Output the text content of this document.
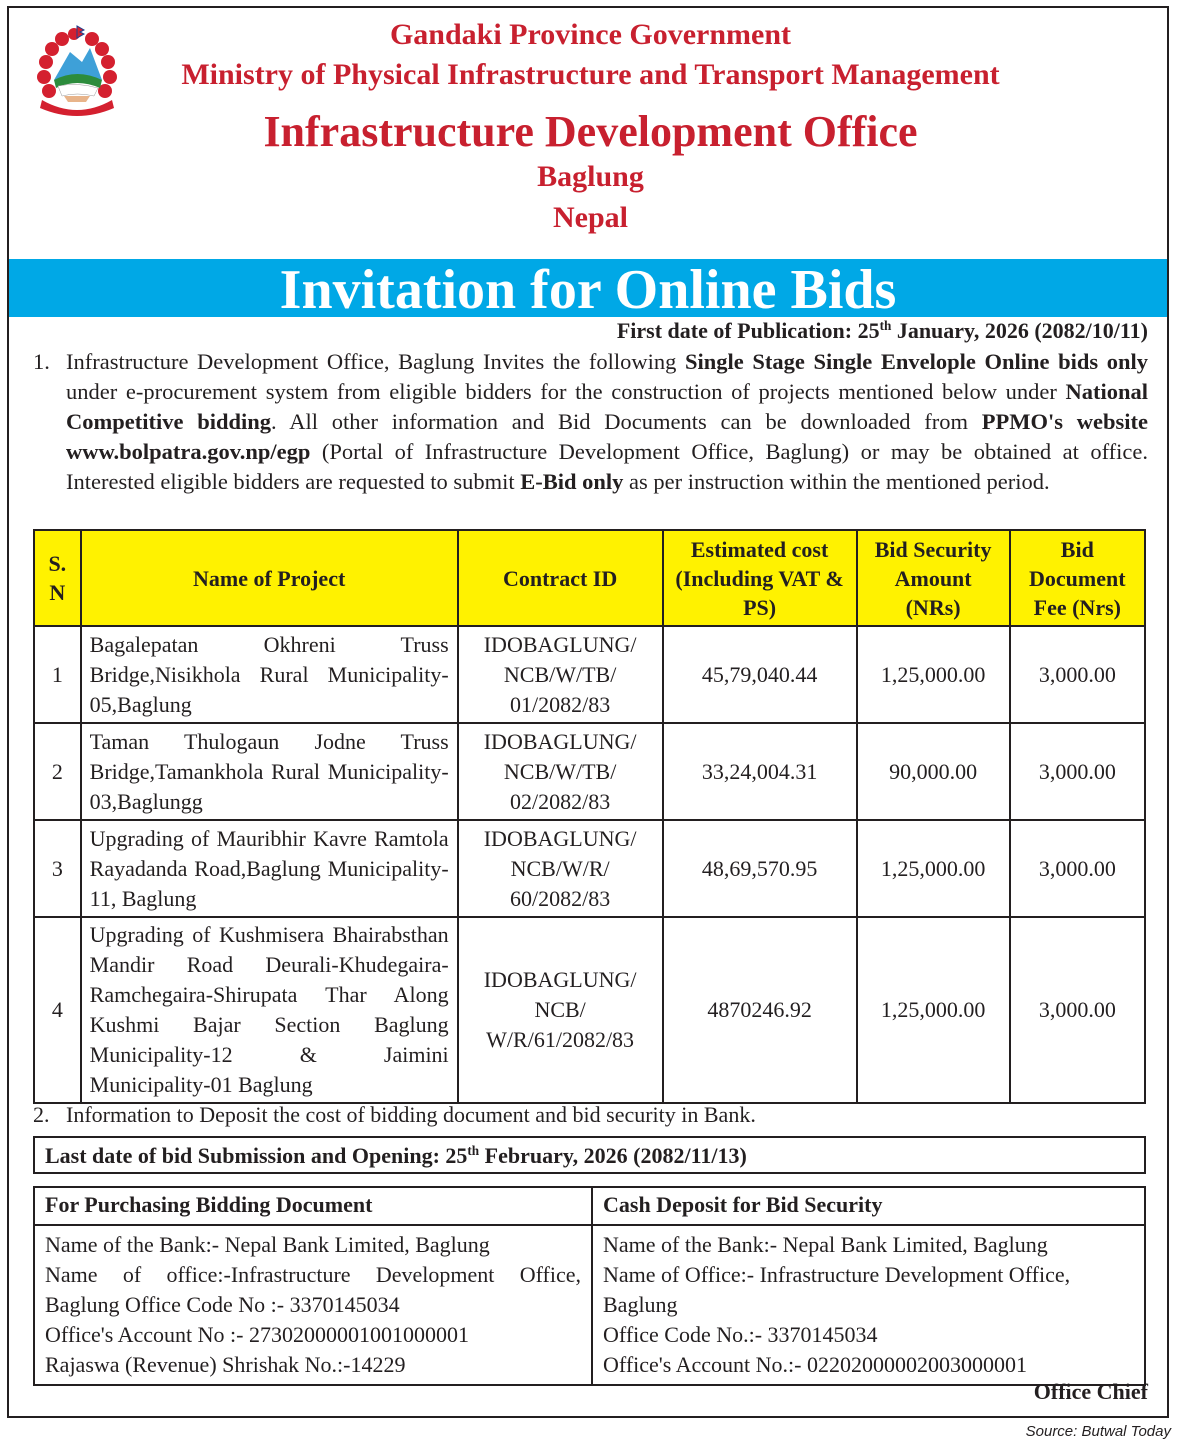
Gandaki Province Government
Ministry of Physical Infrastructure and Transport Management
Infrastructure Development Office
Baglung
Nepal
Invitation for Online Bids
First date of Publication: 25th January, 2026 (2082/10/11)
1. Infrastructure Development Office, Baglung Invites the following Single Stage Single Envelople Online bids only under e-procurement system from eligible bidders for the construction of projects mentioned below under National Competitive bidding. All other information and Bid Documents can be downloaded from PPMO's website www.bolpatra.gov.np/egp (Portal of Infrastructure Development Office, Baglung) or may be obtained at office. Interested eligible bidders are requested to submit E-Bid only as per instruction within the mentioned period.
S.
N	Name of Project	Contract ID	Estimated cost (Including VAT & PS)	Bid Security Amount (NRs)	Bid Document Fee (Nrs)
1	Bagalepatan Okhreni Truss Bridge,Nisikhola Rural Municipality- 05,Baglung	IDOBAGLUNG/ NCB/W/TB/ 01/2082/83	45,79,040.44	1,25,000.00	3,000.00
2	Taman Thulogaun Jodne Truss Bridge,Tamankhola Rural Municipality-03,Baglungg	IDOBAGLUNG/ NCB/W/TB/ 02/2082/83	33,24,004.31	90,000.00	3,000.00
3	Upgrading of Mauribhir Kavre Ramtola Rayadanda Road,Baglung Municipality-11, Baglung	IDOBAGLUNG/ NCB/W/R/ 60/2082/83	48,69,570.95	1,25,000.00	3,000.00
4	Upgrading of Kushmisera Bhairabsthan Mandir Road Deurali-Khudegaira-Ramchegaira-Shirupata Thar Along Kushmi Bajar Section Baglung Municipality-12 & Jaimini Municipality-01 Baglung	IDOBAGLUNG/ NCB/ W/R/61/2082/83	4870246.92	1,25,000.00	3,000.00
2. Information to Deposit the cost of bidding document and bid security in Bank.
Last date of bid Submission and Opening: 25th February, 2026 (2082/11/13)
For Purchasing Bidding Document	Cash Deposit for Bid Security

Name of the Bank:- Nepal Bank Limited, Baglung
Name of office:-Infrastructure Development Office, Baglung Office Code No :- 3370145034
Office's Account No :- 27302000001001000001
Rajaswa (Revenue) Shrishak No.:-14229

Name of the Bank:- Nepal Bank Limited, Baglung
Name of Office:- Infrastructure Development Office, Baglung
Office Code No.:- 3370145034
Office's Account No.:- 02202000002003000001
Office Chief
Source: Butwal Today
